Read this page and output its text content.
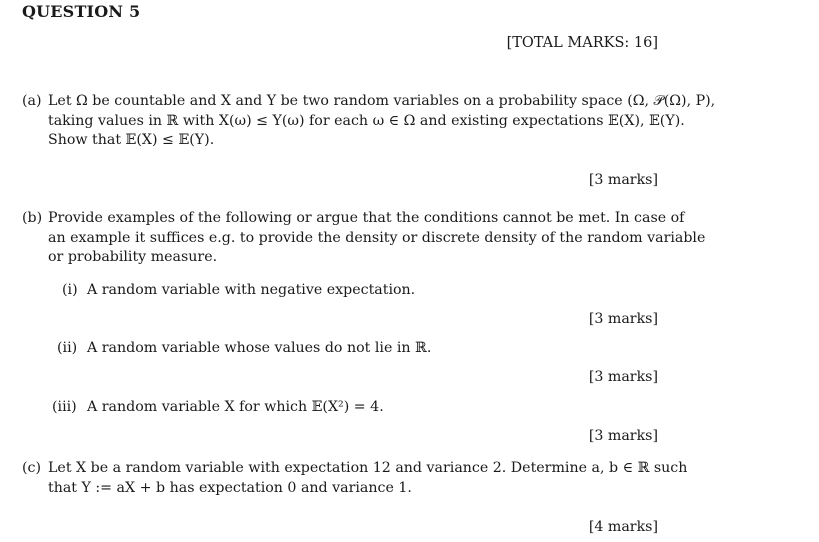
QUESTION 5
[TOTAL MARKS: 16]
(a) Let Ω be countable and X and Y be two random variables on a probability space (Ω, 𝒫(Ω), P),
taking values in ℝ with X(ω) ≤ Y(ω) for each ω ∈ Ω and existing expectations 𝔼(X), 𝔼(Y).
Show that 𝔼(X) ≤ 𝔼(Y).
[3 marks]
(b) Provide examples of the following or argue that the conditions cannot be met. In case of
an example it suffices e.g. to provide the density or discrete density of the random variable
or probability measure.
(i) A random variable with negative expectation.
[3 marks]
(ii) A random variable whose values do not lie in ℝ.
[3 marks]
(iii) A random variable X for which 𝔼(X²) = 4.
[3 marks]
(c) Let X be a random variable with expectation 12 and variance 2. Determine a, b ∈ ℝ such
that Y := aX + b has expectation 0 and variance 1.
[4 marks]
